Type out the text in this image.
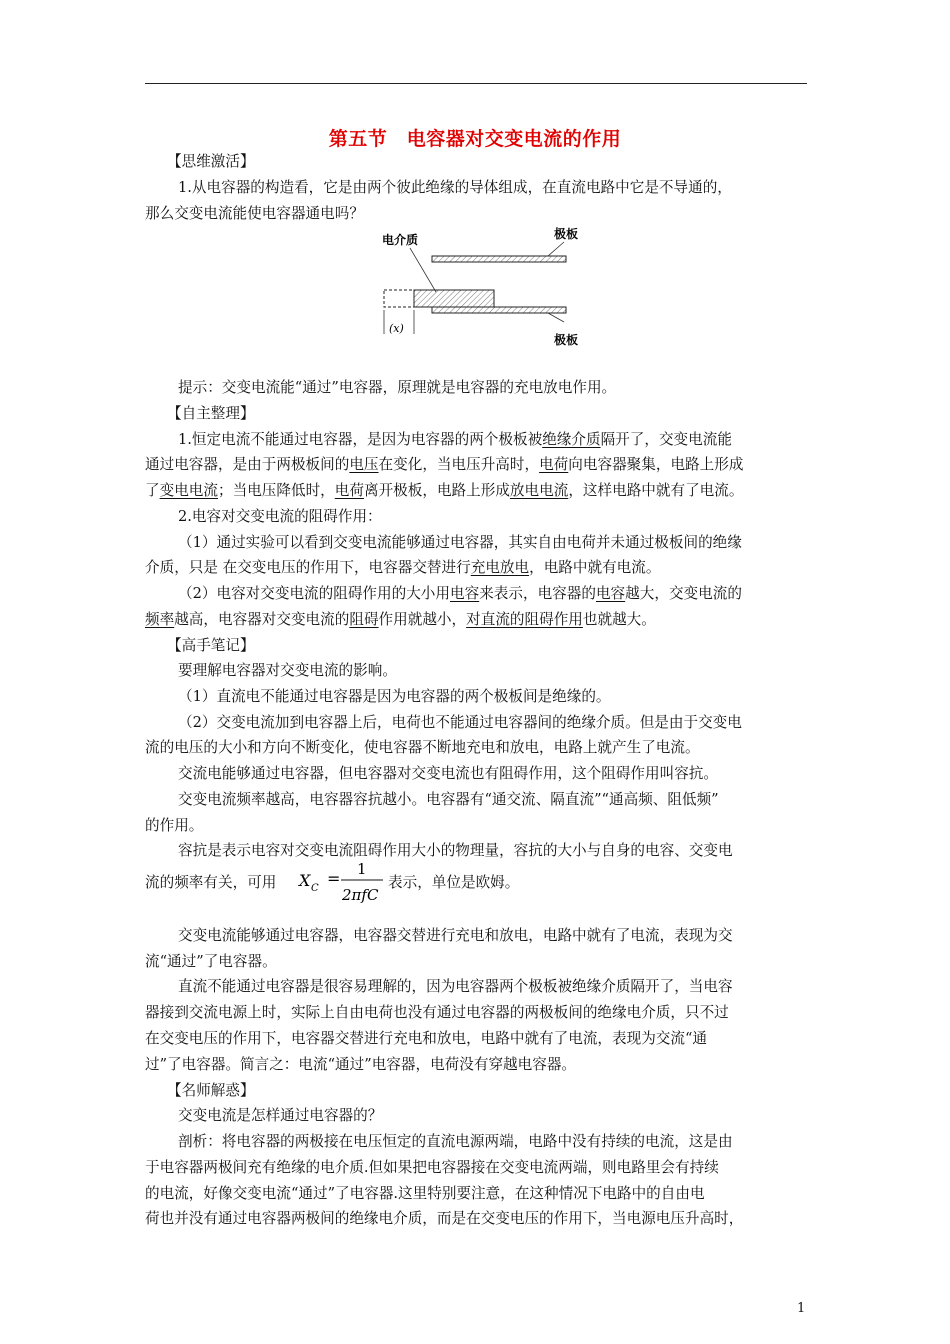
第五节　电容器对交变电流的作用
【思维激活】
1.从电容器的构造看，它是由两个彼此绝缘的导体组成，在直流电路中它是不导通的，
那么交变电流能使电容器通电吗？
电介质	极板
(x)
极板
提示：交变电流能“通过”电容器，原理就是电容器的充电放电作用。
【自主整理】
1.恒定电流不能通过电容器，是因为电容器的两个极板被绝缘介质隔开了，交变电流能
通过电容器，是由于两极板间的电压在变化，当电压升高时，电荷向电容器聚集，电路上形成
了变电电流；当电压降低时，电荷离开极板，电路上形成放电电流，这样电路中就有了电流。
2.电容对交变电流的阻碍作用：
（1）通过实验可以看到交变电流能够通过电容器，其实自由电荷并未通过极板间的绝缘
介质，只是 在交变电压的作用下，电容器交替进行充电放电，电路中就有电流。
（2）电容对交变电流的阻碍作用的大小用电容来表示，电容器的电容越大，交变电流的
频率越高，电容器对交变电流的阻碍作用就越小，对直流的阻碍作用也就越大。
【高手笔记】
要理解电容器对交变电流的影响。
（1）直流电不能通过电容器是因为电容器的两个极板间是绝缘的。
（2）交变电流加到电容器上后，电荷也不能通过电容器间的绝缘介质。但是由于交变电
流的电压的大小和方向不断变化，使电容器不断地充电和放电，电路上就产生了电流。
交流电能够通过电容器，但电容器对交变电流也有阻碍作用，这个阻碍作用叫容抗。
交变电流频率越高，电容器容抗越小。电容器有“通交流、隔直流”“通高频、阻低频”
的作用。
容抗是表示电容对交变电流阻碍作用大小的物理量，容抗的大小与自身的电容、交变电
流的频率有关，可用 X C
= 1
2πfC
表示，单位是欧姆。
交变电流能够通过电容器，电容器交替进行充电和放电，电路中就有了电流，表现为交
流“通过”了电容器。
直流不能通过电容器是很容易理解的，因为电容器两个极板被绝缘介质隔开了，当电容
器接到交流电源上时，实际上自由电荷也没有通过电容器的两极板间的绝缘电介质，只不过
在交变电压的作用下，电容器交替进行充电和放电，电路中就有了电流，表现为交流“通
过”了电容器。简言之：电流“通过”电容器，电荷没有穿越电容器。
【名师解惑】
交变电流是怎样通过电容器的？
剖析：将电容器的两极接在电压恒定的直流电源两端，电路中没有持续的电流，这是由
于电容器两极间充有绝缘的电介质.但如果把电容器接在交变电流两端，则电路里会有持续
的电流，好像交变电流“通过”了电容器.这里特别要注意，在这种情况下电路中的自由电
荷也并没有通过电容器两极间的绝缘电介质，而是在交变电压的作用下，当电源电压升高时，
1
